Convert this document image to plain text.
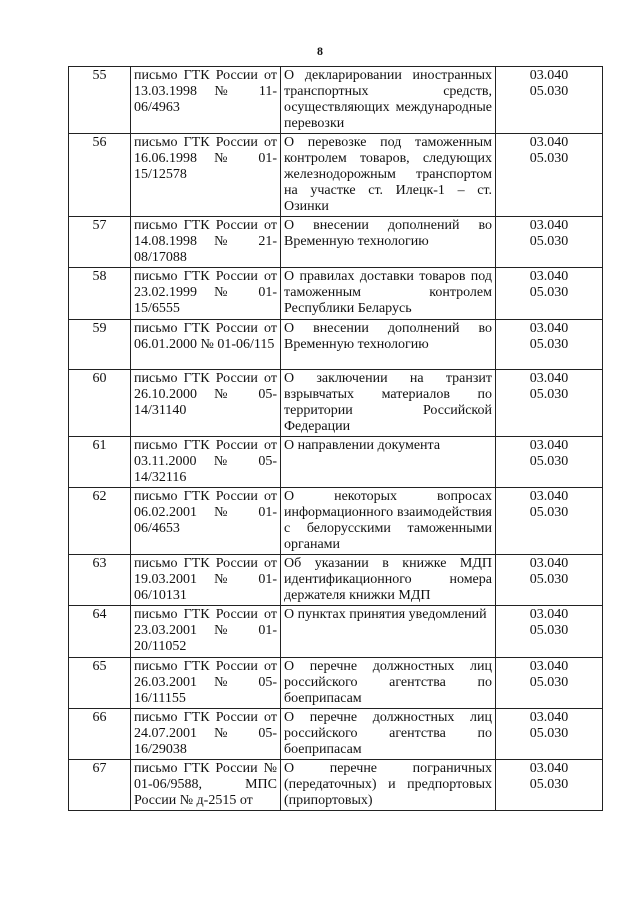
8
55	письмо ГТК России от 13.03.1998 № 11-06/4963	О декларировании иностранных транспортных средств, осуществляющих международные перевозки	03.040
05.030

56	письмо ГТК России от 16.06.1998 № 01-15/12578	О перевозке под таможенным контролем товаров, следующих железнодорожным транспортом на участке ст. Илецк-1 – ст. Озинки	03.040
05.030

57	письмо ГТК России от 14.08.1998 № 21-08/17088	О внесении дополнений во Временную технологию	03.040
05.030

58	письмо ГТК России от 23.02.1999 № 01-15/6555	О правилах доставки товаров под таможенным контролем Республики Беларусь	03.040
05.030

59	письмо ГТК России от 06.01.2000 № 01-06/115	О внесении дополнений во Временную технологию	03.040
05.030

60	письмо ГТК России от 26.10.2000 № 05-14/31140	О заключении на транзит взрывчатых материалов по территории Российской Федерации	03.040
05.030

61	письмо ГТК России от 03.11.2000 № 05-14/32116	О направлении документа	03.040
05.030

62	письмо ГТК России от 06.02.2001 № 01-06/4653	О некоторых вопросах информационного взаимодействия с белорусскими таможенными органами	03.040
05.030

63	письмо ГТК России от 19.03.2001 № 01-06/10131	Об указании в книжке МДП идентификационного номера держателя книжки МДП	03.040
05.030

64	письмо ГТК России от 23.03.2001 № 01-20/11052	О пунктах принятия уведомлений	03.040
05.030

65	письмо ГТК России от 26.03.2001 № 05-16/11155	О перечне должностных лиц российского агентства по боеприпасам	03.040
05.030

66	письмо ГТК России от 24.07.2001 № 05-16/29038	О перечне должностных лиц российского агентства по боеприпасам	03.040
05.030

67	письмо ГТК России № 01-06/9588, МПС России № д-2515 от	О перечне пограничных (передаточных) и предпортовых (припортовых)	03.040
05.030
